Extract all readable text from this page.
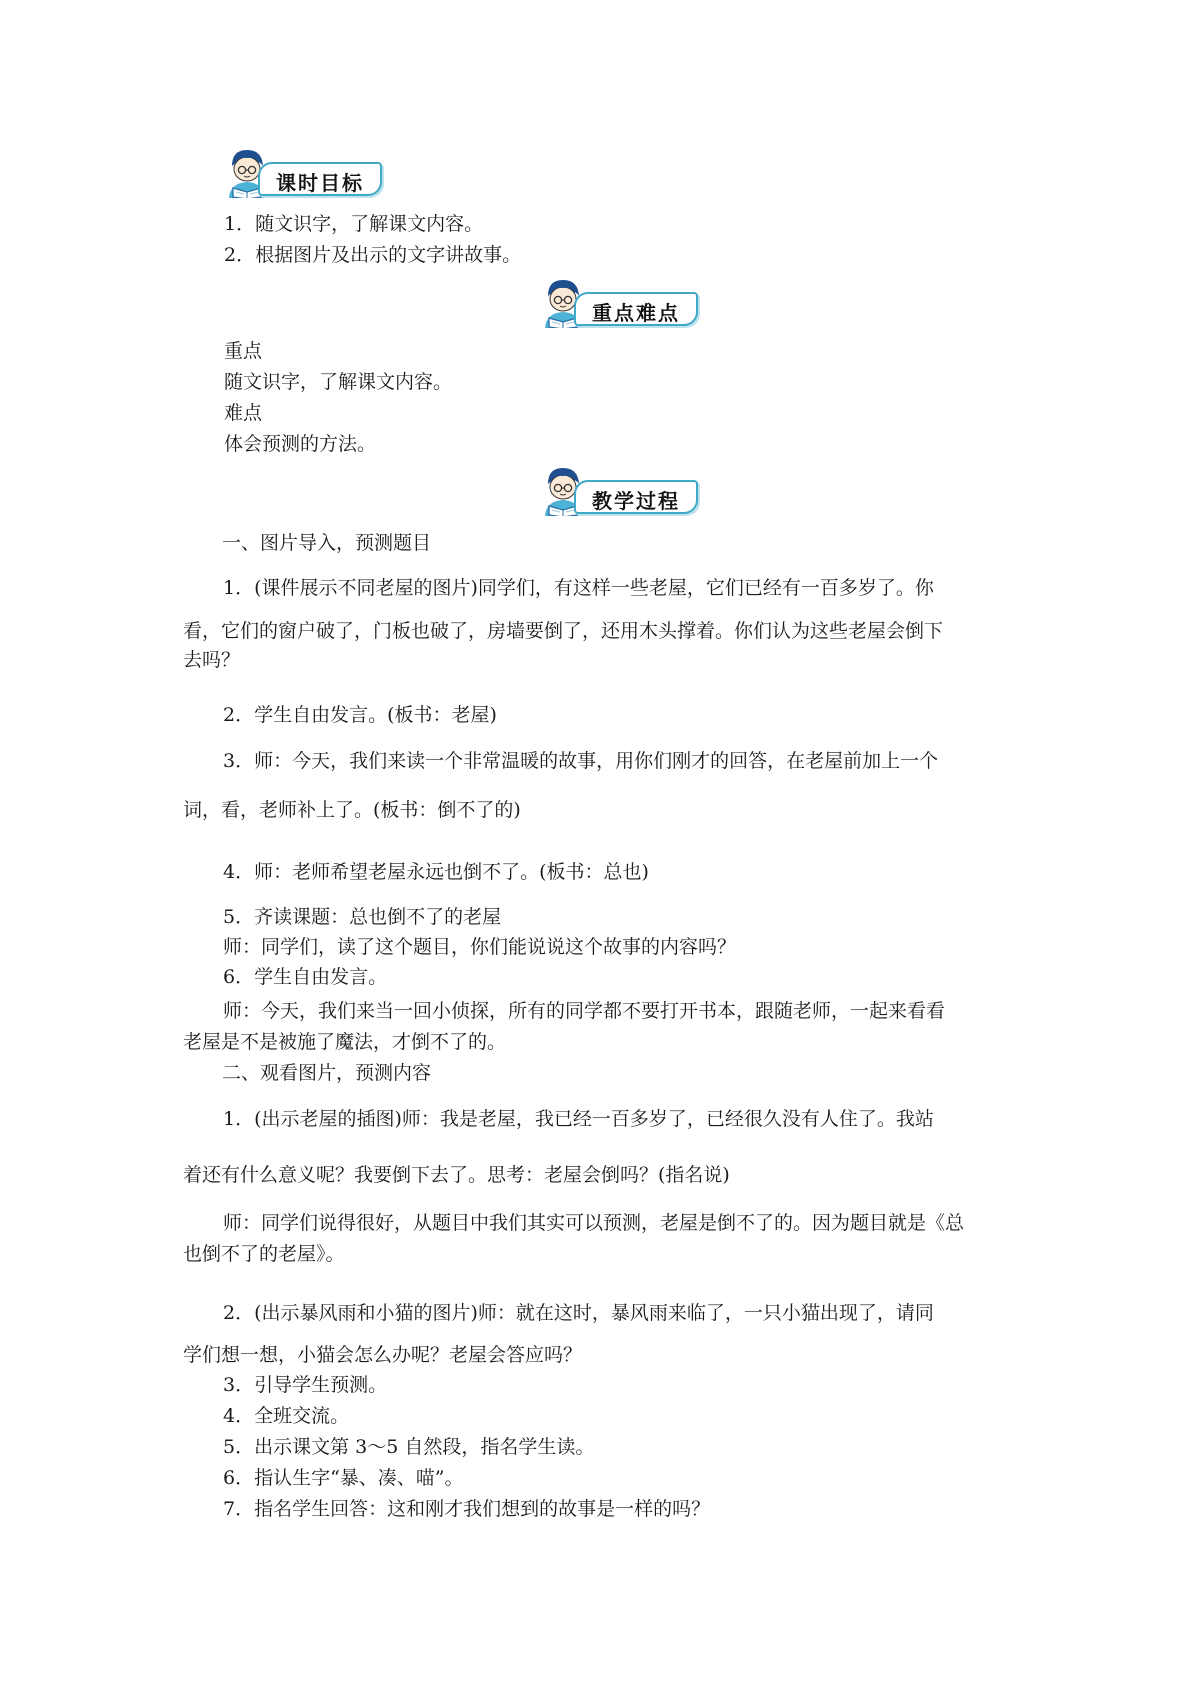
课时目标
1．随文识字，了解课文内容。
2．根据图片及出示的文字讲故事。
重点难点
重点
随文识字，了解课文内容。
难点
体会预测的方法。
教学过程
一、图片导入，预测题目
1．(课件展示不同老屋的图片)同学们，有这样一些老屋，它们已经有一百多岁了。你
看，它们的窗户破了，门板也破了，房墙要倒了，还用木头撑着。你们认为这些老屋会倒下
去吗？
2．学生自由发言。(板书：老屋)
3．师：今天，我们来读一个非常温暖的故事，用你们刚才的回答，在老屋前加上一个
词，看，老师补上了。(板书：倒不了的)
4．师：老师希望老屋永远也倒不了。(板书：总也)
5．齐读课题：总也倒不了的老屋
师：同学们，读了这个题目，你们能说说这个故事的内容吗？
6．学生自由发言。
师：今天，我们来当一回小侦探，所有的同学都不要打开书本，跟随老师，一起来看看
老屋是不是被施了魔法，才倒不了的。
二、观看图片，预测内容
1．(出示老屋的插图)师：我是老屋，我已经一百多岁了，已经很久没有人住了。我站
着还有什么意义呢？我要倒下去了。思考：老屋会倒吗？(指名说)
师：同学们说得很好，从题目中我们其实可以预测，老屋是倒不了的。因为题目就是《总
也倒不了的老屋》。
2．(出示暴风雨和小猫的图片)师：就在这时，暴风雨来临了，一只小猫出现了，请同
学们想一想，小猫会怎么办呢？老屋会答应吗？
3．引导学生预测。
4．全班交流。
5．出示课文第 3～5 自然段，指名学生读。
6．指认生字“暴、凑、喵”。
7．指名学生回答：这和刚才我们想到的故事是一样的吗？
